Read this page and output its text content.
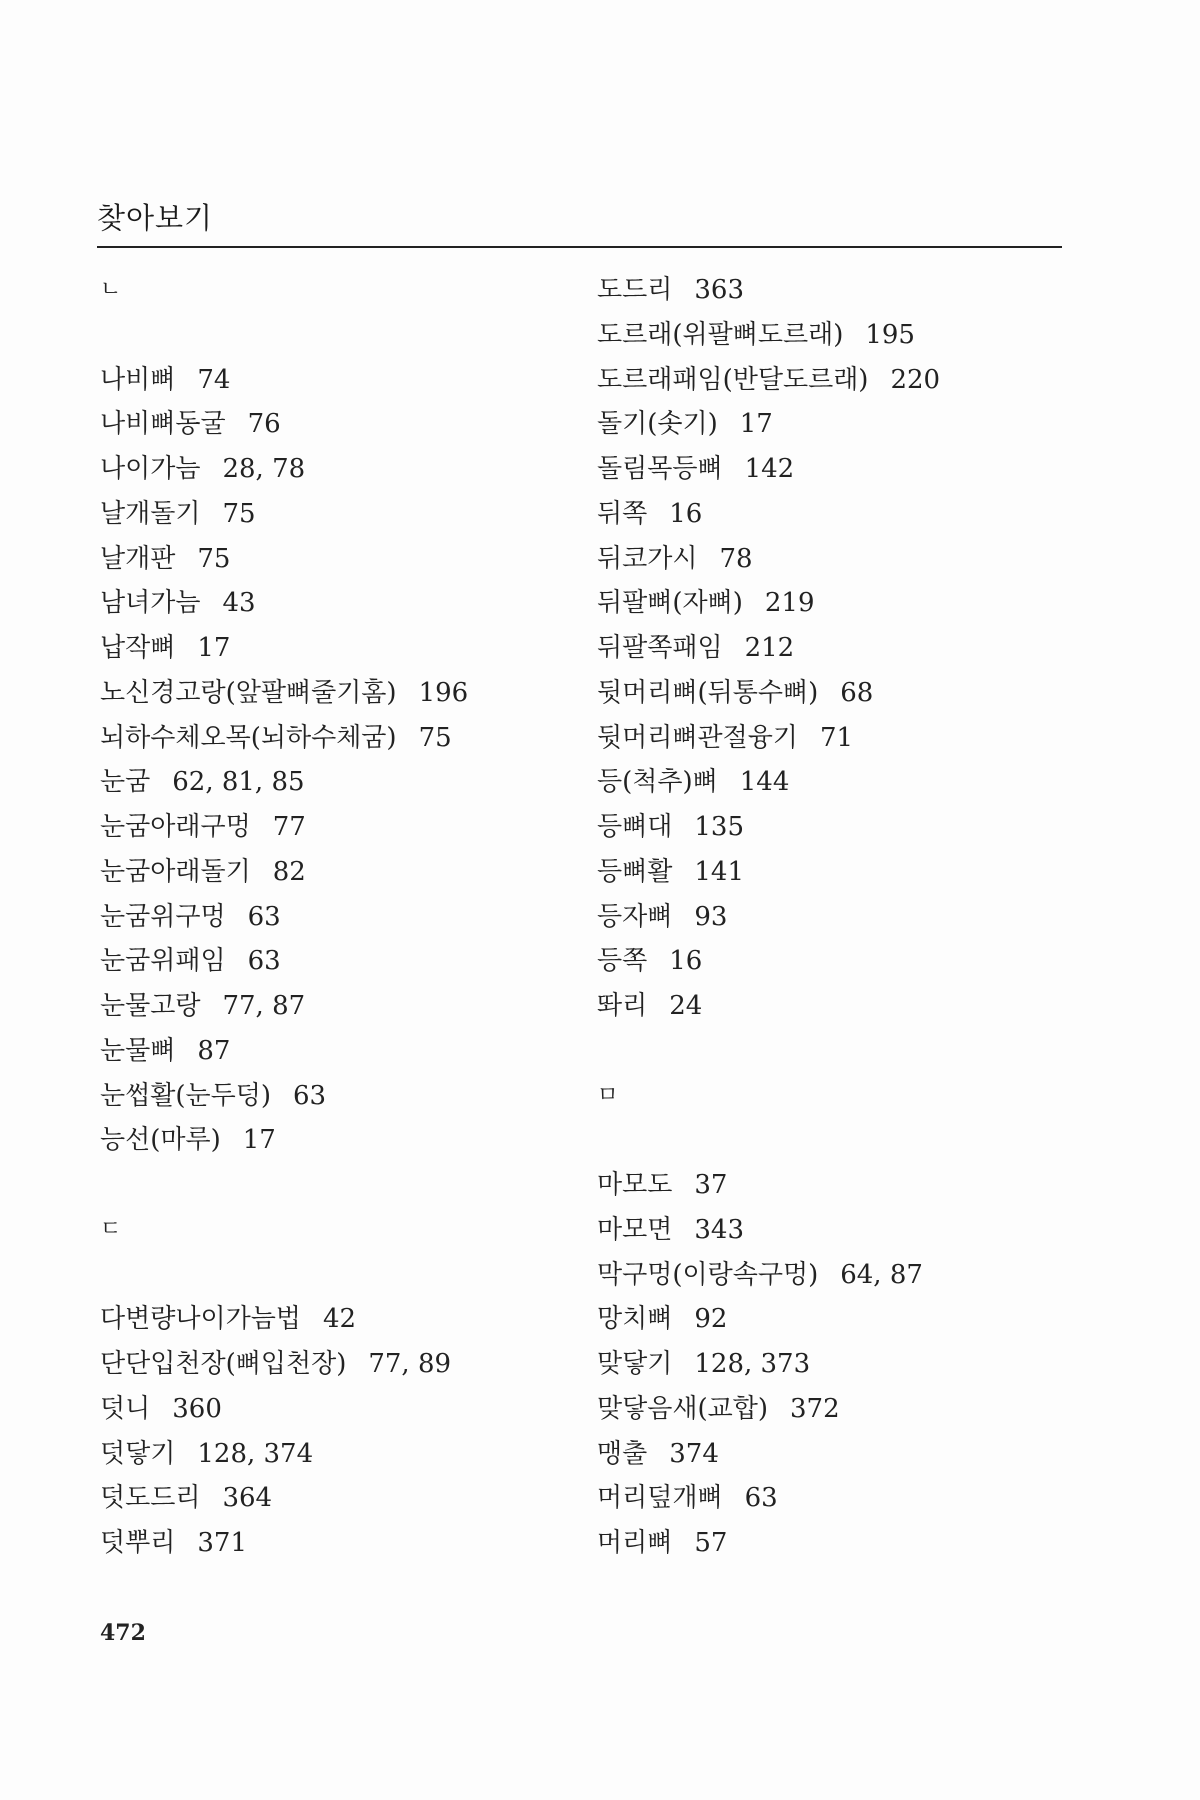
찾아보기
ㄴ
나비뼈 74
나비뼈동굴 76
나이가늠 28, 78
날개돌기 75
날개판 75
남녀가늠 43
납작뼈 17
노신경고랑(앞팔뼈줄기홈) 196
뇌하수체오목(뇌하수체굼) 75
눈굼 62, 81, 85
눈굼아래구멍 77
눈굼아래돌기 82
눈굼위구멍 63
눈굼위패임 63
눈물고랑 77, 87
눈물뼈 87
눈썹활(눈두덩) 63
능선(마루) 17
ㄷ
다변량나이가늠법 42
단단입천장(뼈입천장) 77, 89
덧니 360
덧닿기 128, 374
덧도드리 364
덧뿌리 371
도드리 363
도르래(위팔뼈도르래) 195
도르래패임(반달도르래) 220
돌기(솟기) 17
돌림목등뼈 142
뒤쪽 16
뒤코가시 78
뒤팔뼈(자뼈) 219
뒤팔쪽패임 212
뒷머리뼈(뒤통수뼈) 68
뒷머리뼈관절융기 71
등(척추)뼈 144
등뼈대 135
등뼈활 141
등자뼈 93
등쪽 16
똬리 24
ㅁ
마모도 37
마모면 343
막구멍(이랑속구멍) 64, 87
망치뼈 92
맞닿기 128, 373
맞닿음새(교합) 372
맹출 374
머리덮개뼈 63
머리뼈 57
472
